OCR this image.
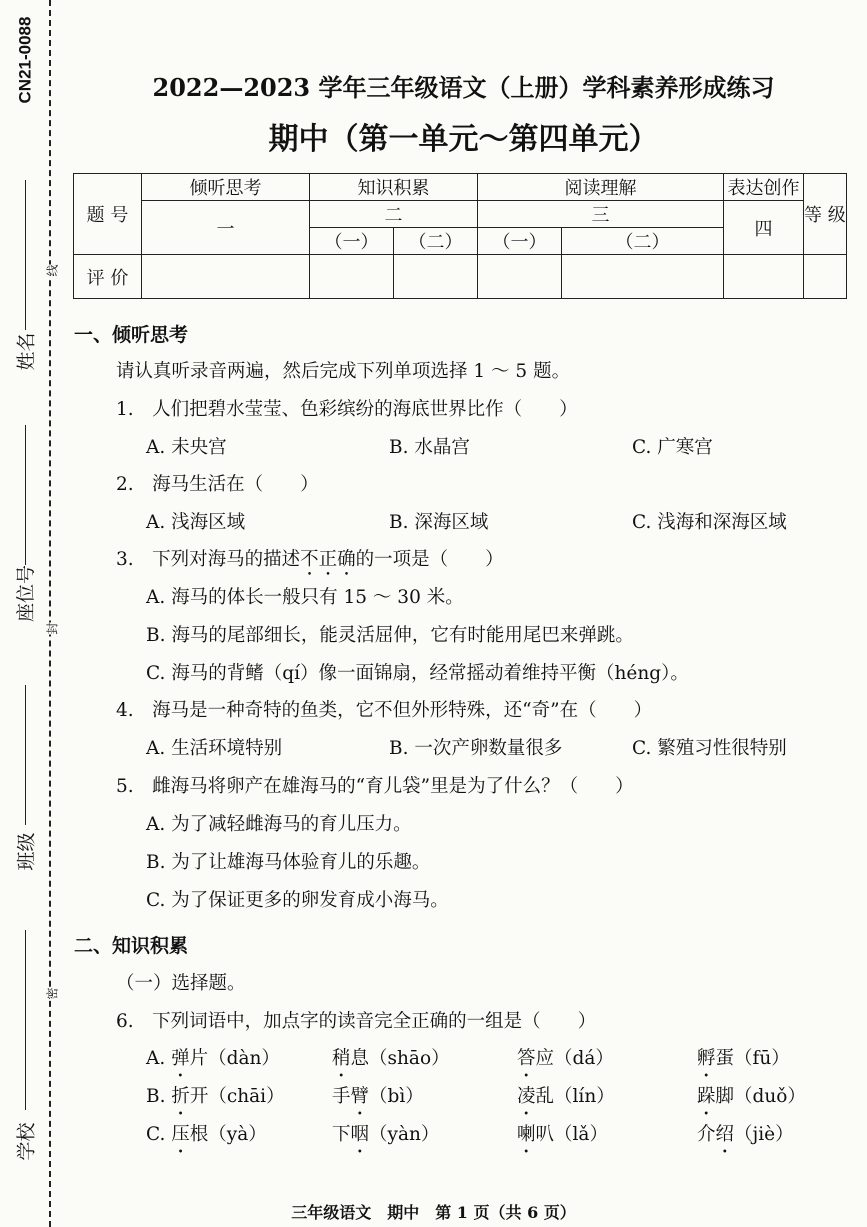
CN21-0088
姓名
座位号
班级
学校
线
封
密
2022—2023 学年三年级语文（上册）学科素养形成练习
期中（第一单元～第四单元）
题 号	倾听思考	知识积累		阅读理解		表达创作	等 级
	一	二		三		四	
		（一）	（二）	（一）	（二）		
评 价							
一、倾听思考
请认真听录音两遍，然后完成下列单项选择 1 ～ 5 题。
1.　人们把碧水莹莹、色彩缤纷的海底世界比作（　　）
A. 未央宫	B. 水晶宫	C. 广寒宫
2.　海马生活在（　　）
A. 浅海区域	B. 深海区域	C. 浅海和深海区域
3.　下列对海马的描述不正确的一项是（　　）
A. 海马的体长一般只有 15 ～ 30 米。
B. 海马的尾部细长，能灵活屈伸，它有时能用尾巴来弹跳。
C. 海马的背鳍（qí）像一面锦扇，经常摇动着维持平衡（héng）。
4.　海马是一种奇特的鱼类，它不但外形特殊，还“奇”在（　　）
A. 生活环境特别	B. 一次产卵数量很多	C. 繁殖习性很特别
5.　雌海马将卵产在雄海马的“育儿袋”里是为了什么？（　　）
A. 为了减轻雌海马的育儿压力。
B. 为了让雄海马体验育儿的乐趣。
C. 为了保证更多的卵发育成小海马。
二、知识积累
（一）选择题。
6.　下列词语中，加点字的读音完全正确的一组是（　　）
A. 弹片（dàn）	稍息（shāo）	答应（dá）	孵蛋（fū）
B. 折开（chāi）	手臂（bì）	凌乱（lín）	跺脚（duǒ）
C. 压根（yà）	下咽（yàn）	喇叭（lǎ）	介绍（jiè）
三年级语文　期中　第 1 页（共 6 页）
